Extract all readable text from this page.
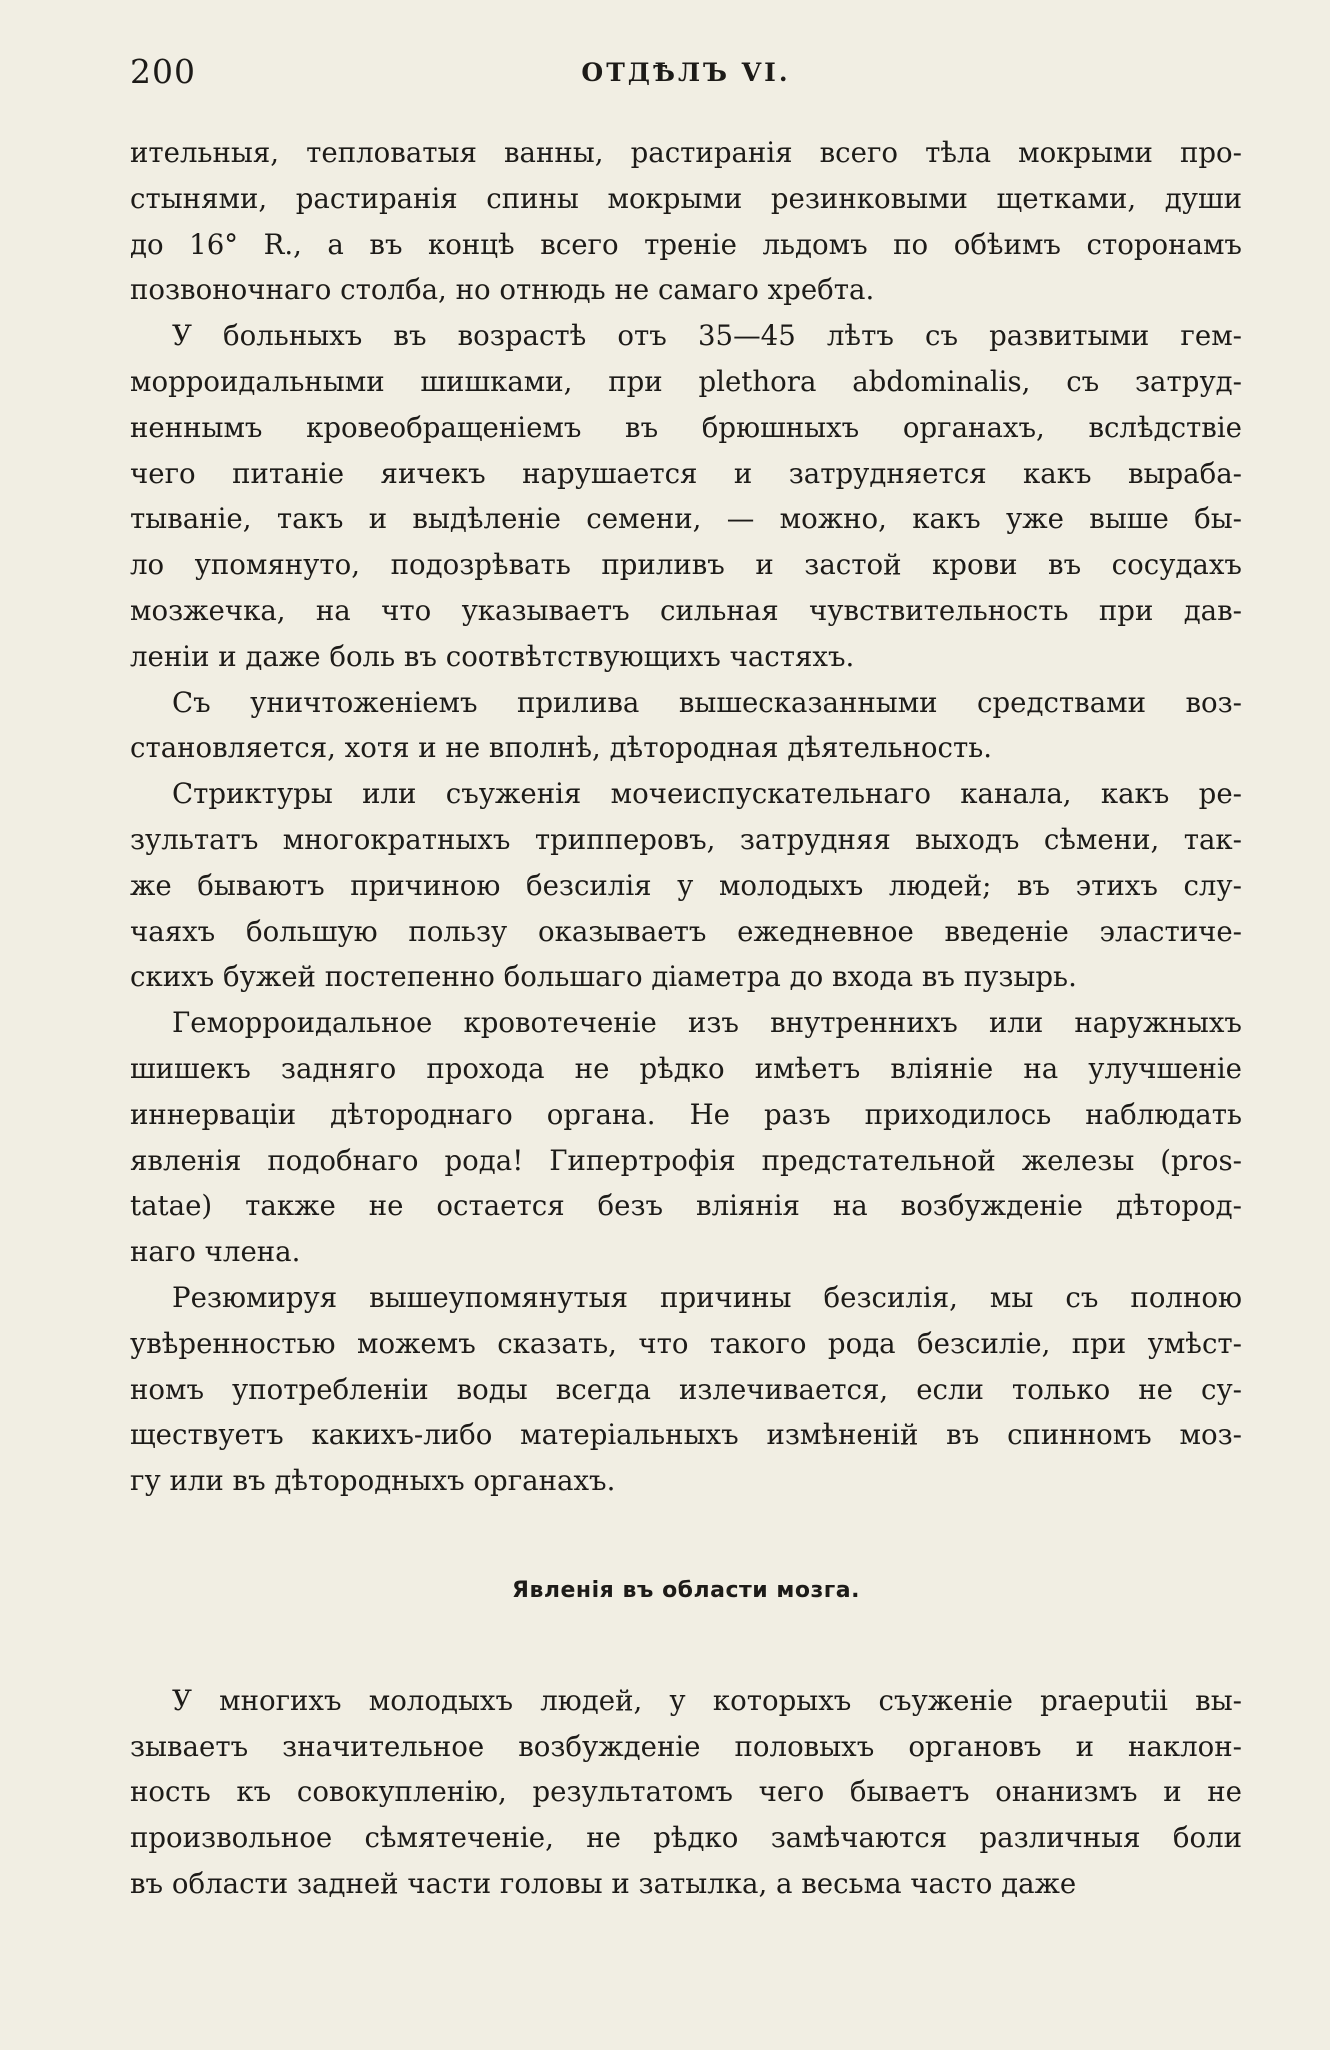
200	ОТДѢЛЪ VI.
ительныя, тепловатыя ванны, растиранія всего тѣла мокрыми про-
стынями, растиранія спины мокрыми резинковыми щетками, души
до 16° R., а въ концѣ всего треніе льдомъ по обѣимъ сторонамъ
позвоночнаго столба, но отнюдь не самаго хребта.
У больныхъ въ возрастѣ отъ 35—45 лѣтъ съ развитыми гем-
морроидальными шишками, при plethora abdominalis, съ затруд-
неннымъ кровеобращеніемъ въ брюшныхъ органахъ, вслѣдствіе
чего питаніе яичекъ нарушается и затрудняется какъ выраба-
тываніе, такъ и выдѣленіе семени, — можно, какъ уже выше бы-
ло упомянуто, подозрѣвать приливъ и застой крови въ сосудахъ
мозжечка, на что указываетъ сильная чувствительность при дав-
леніи и даже боль въ соотвѣтствующихъ частяхъ.
Съ уничтоженіемъ прилива вышесказанными средствами воз-
становляется, хотя и не вполнѣ, дѣтородная дѣятельность.
Стриктуры или съуженія мочеиспускательнаго канала, какъ ре-
зультатъ многократныхъ трипперовъ, затрудняя выходъ сѣмени, так-
же бываютъ причиною безсилія у молодыхъ людей; въ этихъ слу-
чаяхъ большую пользу оказываетъ ежедневное введеніе эластиче-
скихъ бужей постепенно большаго діаметра до входа въ пузырь.
Геморроидальное кровотеченіе изъ внутреннихъ или наружныхъ
шишекъ задняго прохода не рѣдко имѣетъ вліяніе на улучшеніе
иннервацiи дѣтороднаго органа. Не разъ приходилось наблюдать
явленія подобнаго рода! Гипертрофія предстательной железы (pros-
tatae) также не остается безъ вліянія на возбужденіе дѣтород-
наго члена.
Резюмируя вышеупомянутыя причины безсилія, мы съ полною
увѣренностью можемъ сказать, что такого рода безсиліе, при умѣст-
номъ употребленіи воды всегда излечивается, если только не су-
ществуетъ какихъ-либо матеріальныхъ измѣненій въ спинномъ моз-
гу или въ дѣтородныхъ органахъ.
Явленія въ области мозга.
У многихъ молодыхъ людей, у которыхъ съуженіе praeputii вы-
зываетъ значительное возбужденіе половыхъ органовъ и наклон-
ность къ совокупленію, результатомъ чего бываетъ онанизмъ и не
произвольное сѣмятеченіе, не рѣдко замѣчаются различныя боли
въ области задней части головы и затылка, а весьма часто даже
